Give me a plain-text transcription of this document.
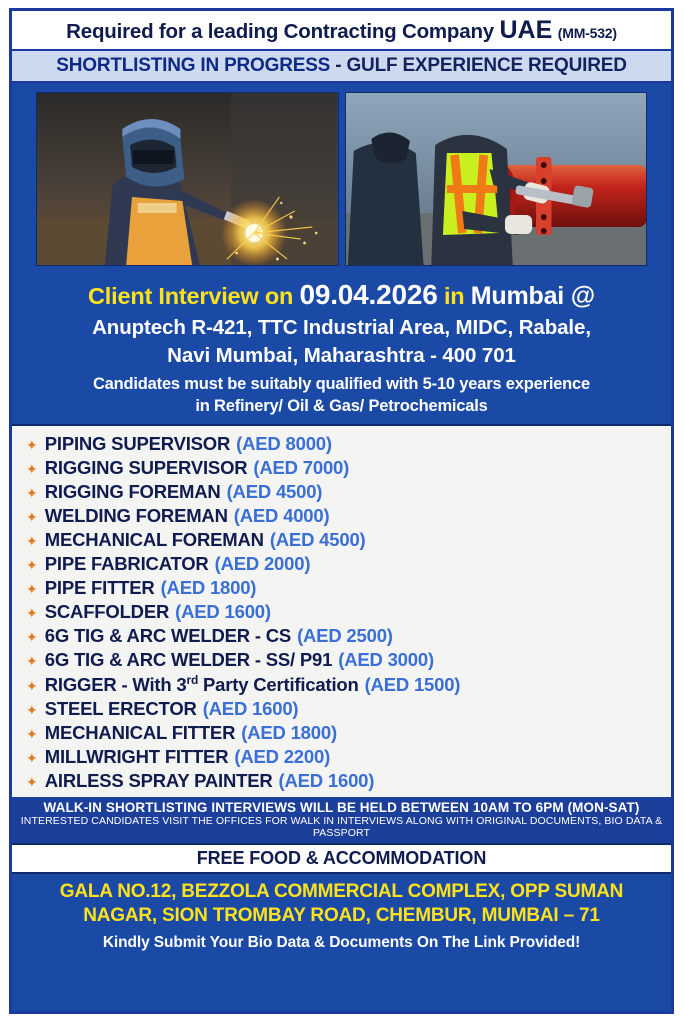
Required for a leading Contracting Company UAE (MM-532)
SHORTLISTING IN PROGRESS - GULF EXPERIENCE REQUIRED
Client Interview on 09.04.2026 in Mumbai @
Anuptech R-421, TTC Industrial Area, MIDC, Rabale,
Navi Mumbai, Maharashtra - 400 701
Candidates must be suitably qualified with 5-10 years experience
in Refinery/ Oil & Gas/ Petrochemicals
✦ PIPING SUPERVISOR (AED 8000)
✦ RIGGING SUPERVISOR (AED 7000)
✦ RIGGING FOREMAN (AED 4500)
✦ WELDING FOREMAN (AED 4000)
✦ MECHANICAL FOREMAN (AED 4500)
✦ PIPE FABRICATOR (AED 2000)
✦ PIPE FITTER (AED 1800)
✦ SCAFFOLDER (AED 1600)
✦ 6G TIG & ARC WELDER - CS (AED 2500)
✦ 6G TIG & ARC WELDER - SS/ P91 (AED 3000)
✦ RIGGER - With 3rd Party Certification (AED 1500)
✦ STEEL ERECTOR (AED 1600)
✦ MECHANICAL FITTER (AED 1800)
✦ MILLWRIGHT FITTER (AED 2200)
✦ AIRLESS SPRAY PAINTER (AED 1600)
WALK-IN SHORTLISTING INTERVIEWS WILL BE HELD BETWEEN 10AM TO 6PM (MON-SAT)
INTERESTED CANDIDATES VISIT THE OFFICES FOR WALK IN INTERVIEWS ALONG WITH ORIGINAL DOCUMENTS, BIO DATA & PASSPORT
FREE FOOD & ACCOMMODATION
GALA NO.12, BEZZOLA COMMERCIAL COMPLEX, OPP SUMAN
NAGAR, SION TROMBAY ROAD, CHEMBUR, MUMBAI – 71
Kindly Submit Your Bio Data & Documents On The Link Provided!
